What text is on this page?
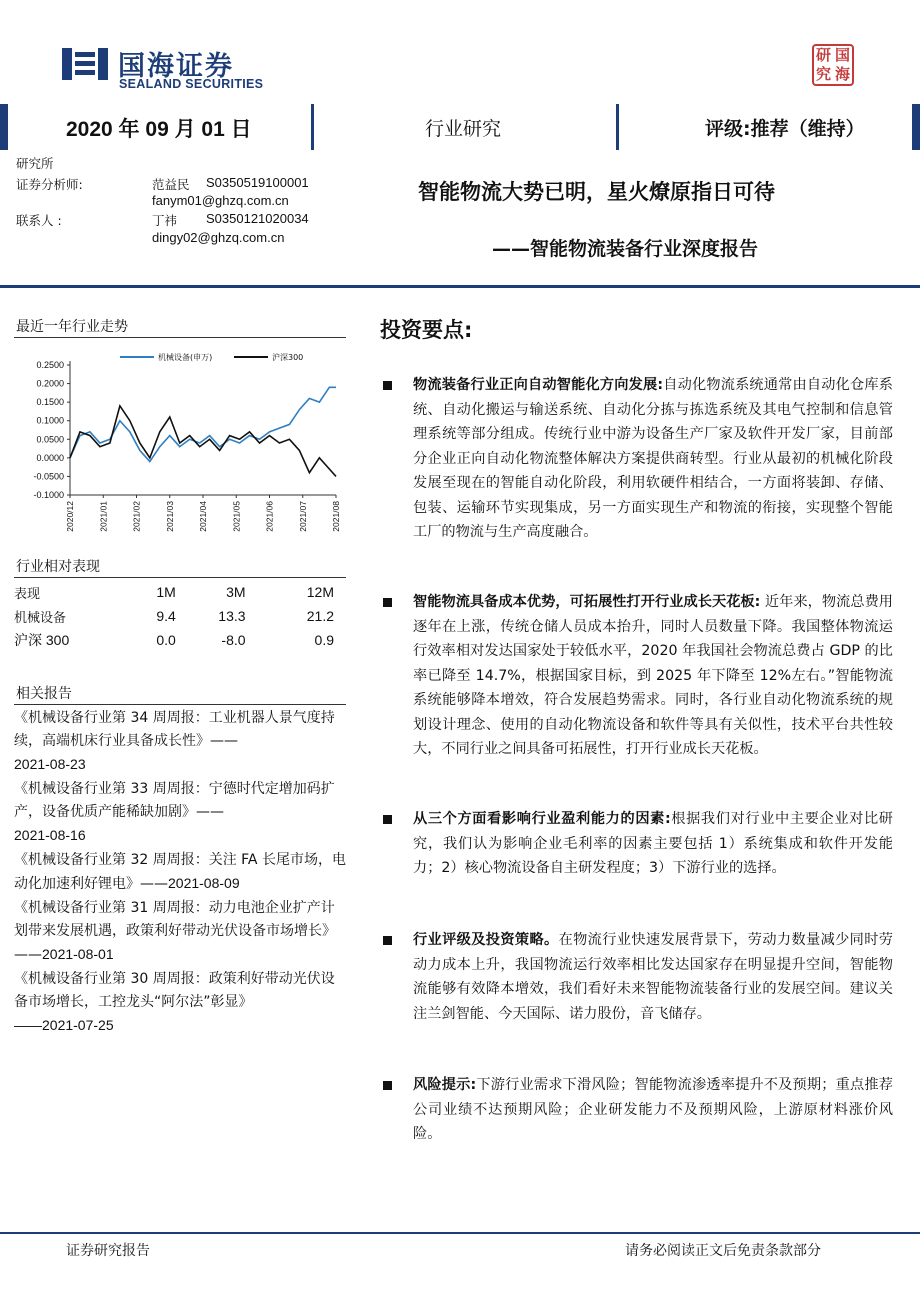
国海证券
SEALAND SECURITIES
研 国
究 海
2020 年 09 月 01 日	行业研究	评级:推荐（维持）
研究所
证券分析师:	范益民 S0350519100001
fanym01@ghzq.com.cn
联系人 :	丁祎 S0350121020034
dingy02@ghzq.com.cn
智能物流大势已明，星火燎原指日可待
——智能物流装备行业深度报告
最近一年行业走势
0.2500
0.2000
0.1500
0.1000
0.0500
0.0000
-0.0500
-0.1000
2020/12	2021/01	2021/02	2021/03	2021/04	2021/05	2021/06	2021/07	2021/08
机械设备(申万)	沪深300
行业相对表现
表现	1M	3M	12M
机械设备	9.4	13.3	21.2
沪深 300	0.0	-8.0	0.9
相关报告
《机械设备行业第 34 周周报：工业机器人景气度持续，高端机床行业具备成长性》——
2021-08-23
《机械设备行业第 33 周周报：宁德时代定增加码扩产，设备优质产能稀缺加剧》——
2021-08-16
《机械设备行业第 32 周周报：关注 FA 长尾市场，电动化加速利好锂电》——2021-08-09
《机械设备行业第 31 周周报：动力电池企业扩产计划带来发展机遇，政策利好带动光伏设备市场增长》——2021-08-01
《机械设备行业第 30 周周报：政策利好带动光伏设备市场增长，工控龙头“阿尔法”彰显》
——2021-07-25
投资要点:
物流装备行业正向自动智能化方向发展:自动化物流系统通常由自动化仓库系统、自动化搬运与输送系统、自动化分拣与拣选系统及其电气控制和信息管理系统等部分组成。传统行业中游为设备生产厂家及软件开发厂家，目前部分企业正向自动化物流整体解决方案提供商转型。行业从最初的机械化阶段发展至现在的智能自动化阶段，利用软硬件相结合，一方面将装卸、存储、包装、运输环节实现集成，另一方面实现生产和物流的衔接，实现整个智能工厂的物流与生产高度融合。
智能物流具备成本优势，可拓展性打开行业成长天花板: 近年来，物流总费用逐年在上涨，传统仓储人员成本抬升，同时人员数量下降。我国整体物流运行效率相对发达国家处于较低水平，2020 年我国社会物流总费占 GDP 的比率已降至 14.7%，根据国家目标，到 2025 年下降至 12%左右。”智能物流系统能够降本增效，符合发展趋势需求。同时，各行业自动化物流系统的规划设计理念、使用的自动化物流设备和软件等具有关似性，技术平台共性较大，不同行业之间具备可拓展性，打开行业成长天花板。
从三个方面看影响行业盈利能力的因素:根据我们对行业中主要企业对比研究，我们认为影响企业毛利率的因素主要包括 1）系统集成和软件开发能力；2）核心物流设备自主研发程度；3）下游行业的选择。
行业评级及投资策略。在物流行业快速发展背景下，劳动力数量减少同时劳动力成本上升，我国物流运行效率相比发达国家存在明显提升空间，智能物流能够有效降本增效，我们看好未来智能物流装备行业的发展空间。建议关注兰剑智能、今天国际、诺力股份，音飞储存。
风险提示:下游行业需求下滑风险；智能物流渗透率提升不及预期；重点推荐公司业绩不达预期风险；企业研发能力不及预期风险，上游原材料涨价风险。
证券研究报告	请务必阅读正文后免责条款部分
